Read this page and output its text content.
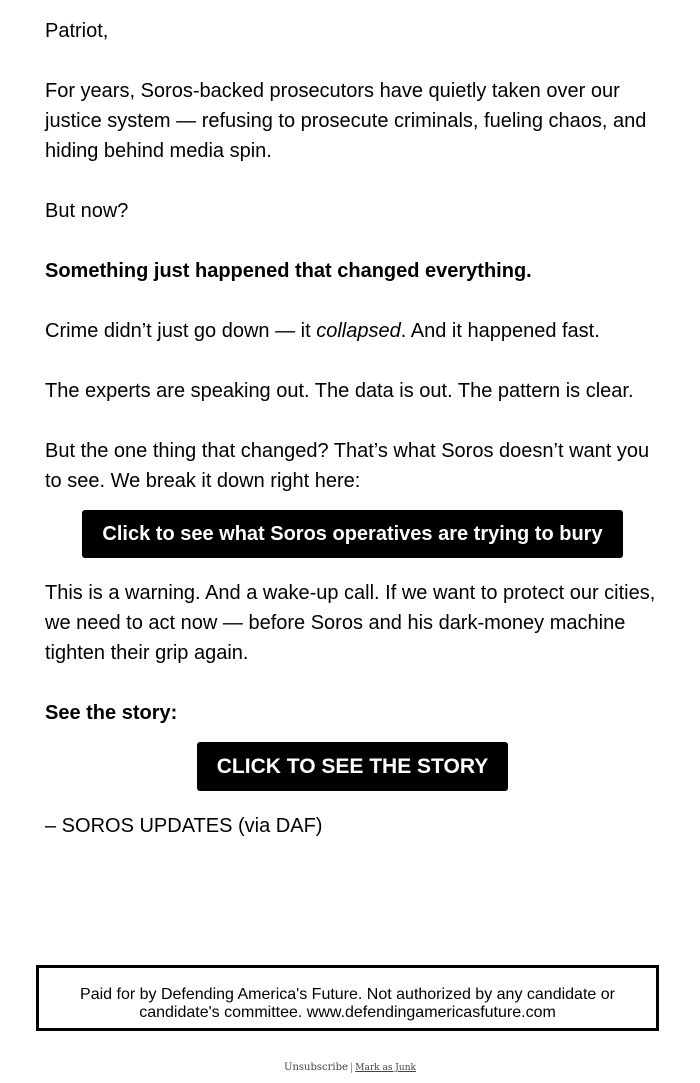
Patriot,

For years, Soros-backed prosecutors have quietly taken over our justice system — refusing to prosecute criminals, fueling chaos, and hiding behind media spin.

But now?

Something just happened that changed everything.

Crime didn’t just go down — it collapsed. And it happened fast.

The experts are speaking out. The data is out. The pattern is clear.

But the one thing that changed? That’s what Soros doesn’t want you to see. We break it down right here:

Click to see what Soros operatives are trying to bury

This is a warning. And a wake-up call. If we want to protect our cities, we need to act now — before Soros and his dark-money machine tighten their grip again.

See the story:

CLICK TO SEE THE STORY

– SOROS UPDATES (via DAF)

Paid for by Defending America's Future. Not authorized by any candidate or candidate's committee. www.defendingamericasfuture.com
Unsubscribe | Mark as Junk
